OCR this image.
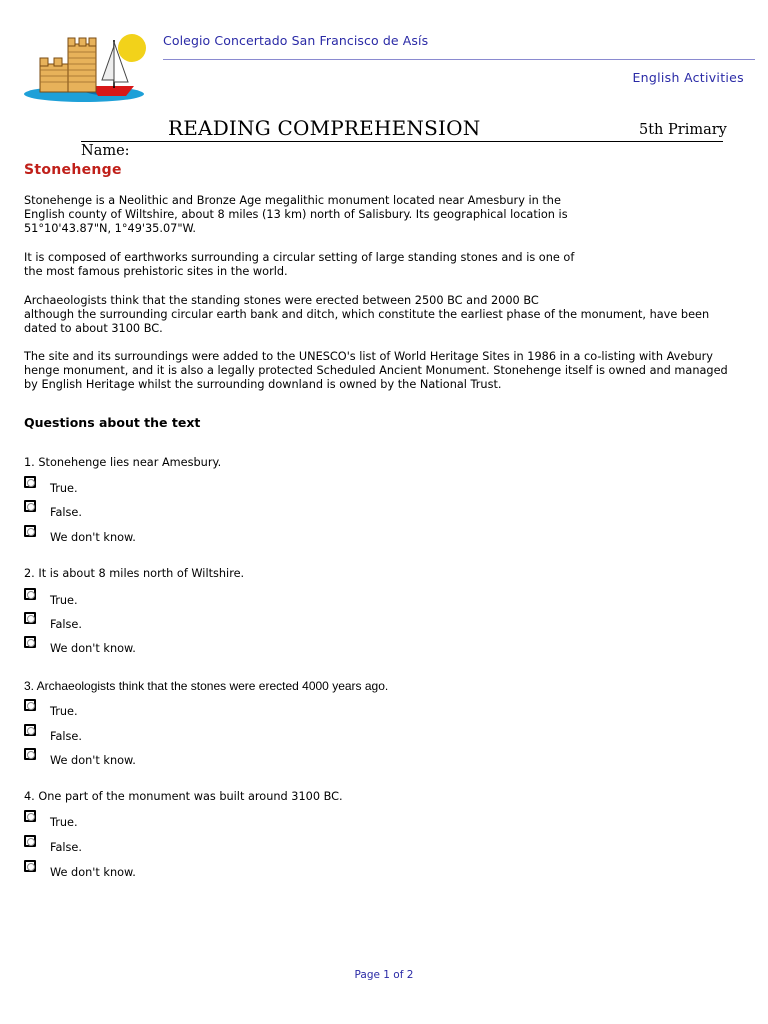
Colegio Concertado San Francisco de Asís
English Activities
READING COMPREHENSION	5th Primary
Name:
Stonehenge
Stonehenge is a Neolithic and Bronze Age megalithic monument located near Amesbury in the
English county of Wiltshire, about 8 miles (13 km) north of Salisbury. Its geographical location is
51°10'43.87"N, 1°49'35.07"W.
It is composed of earthworks surrounding a circular setting of large standing stones and is one of
the most famous prehistoric sites in the world.
Archaeologists think that the standing stones were erected between 2500 BC and 2000 BC
although the surrounding circular earth bank and ditch, which constitute the earliest phase of the monument, have been
dated to about 3100 BC.
The site and its surroundings were added to the UNESCO's list of World Heritage Sites in 1986 in a co-listing with Avebury
henge monument, and it is also a legally protected Scheduled Ancient Monument. Stonehenge itself is owned and managed
by English Heritage whilst the surrounding downland is owned by the National Trust.
Questions about the text
1. Stonehenge lies near Amesbury.
True.
False.
We don't know.
2. It is about 8 miles north of Wiltshire.
True.
False.
We don't know.
3. Archaeologists think that the stones were erected 4000 years ago.
True.
False.
We don't know.
4. One part of the monument was built around 3100 BC.
True.
False.
We don't know.
Page 1 of 2
